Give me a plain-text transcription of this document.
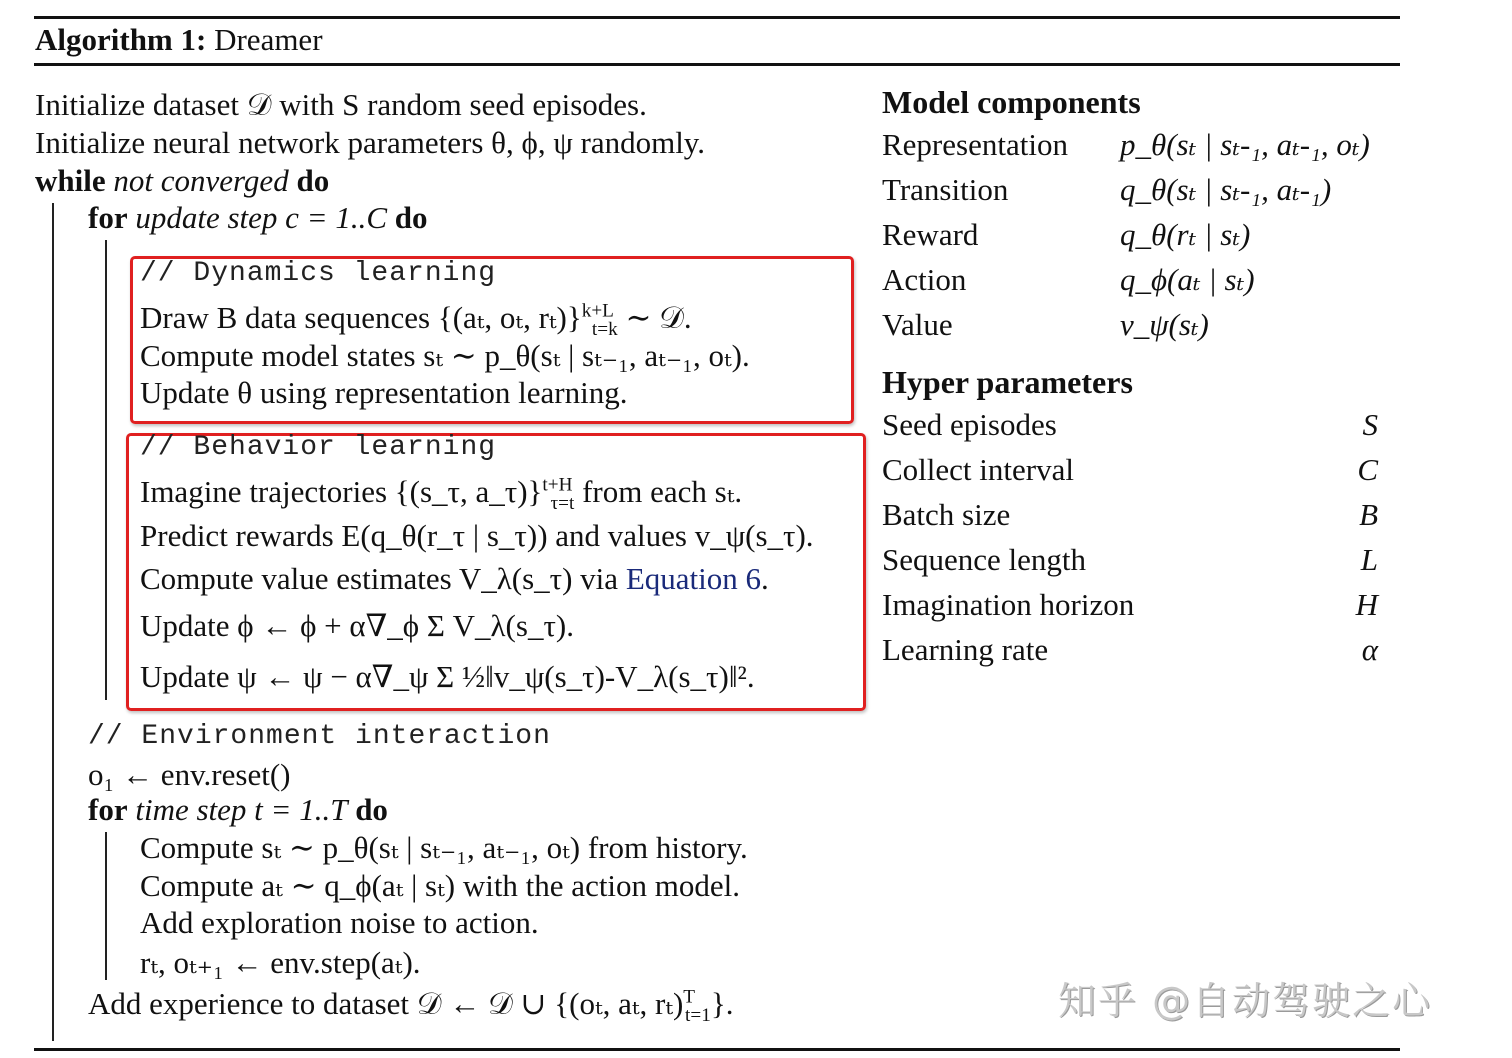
Algorithm 1: Dreamer
Initialize dataset 𝒟 with S random seed episodes.
Initialize neural network parameters θ, ϕ, ψ randomly.
while not converged do
for update step c = 1..C do
// Dynamics learning
Draw B data sequences {(aₜ, oₜ, rₜ)}$^{k+L}_{t=k}$ ∼ 𝒟.
Compute model states sₜ ∼ p_θ(sₜ | sₜ₋₁, aₜ₋₁, oₜ).
Update θ using representation learning.
// Behavior learning
Imagine trajectories {(s_τ, a_τ)}$^{t+H}_{\tau=t}$ from each sₜ.
Predict rewards E(q_θ(r_τ | s_τ)) and values v_ψ(s_τ).
Compute value estimates V_λ(s_τ) via Equation 6.
Update ϕ ← ϕ + α∇_ϕ Σ V_λ(s_τ).
Update ψ ← ψ − α∇_ψ Σ ½‖v_ψ(s_τ)-V_λ(s_τ)‖².
// Environment interaction
o₁ ← env.reset()
for time step t = 1..T do
Compute sₜ ∼ p_θ(sₜ | sₜ₋₁, aₜ₋₁, oₜ) from history.
Compute aₜ ∼ q_ϕ(aₜ | sₜ) with the action model.
Add exploration noise to action.
rₜ, oₜ₊₁ ← env.step(aₜ).
Add experience to dataset 𝒟 ← 𝒟 ∪ {(oₜ, aₜ, rₜ)$^T_{t=1}$}.
Model components
Representation p_θ(sₜ | sₜ-₁, aₜ-₁, oₜ)
Transition	q_θ(sₜ | sₜ-₁, aₜ-₁)
Reward	q_θ(rₜ | sₜ)
Action	q_ϕ(aₜ | sₜ)
Value	v_ψ(sₜ)
Hyper parameters
Seed episodes	S
Collect interval	C
Batch size	B
Sequence length	L
Imagination horizon	H
Learning rate	α
知乎 @自动驾驶之心
